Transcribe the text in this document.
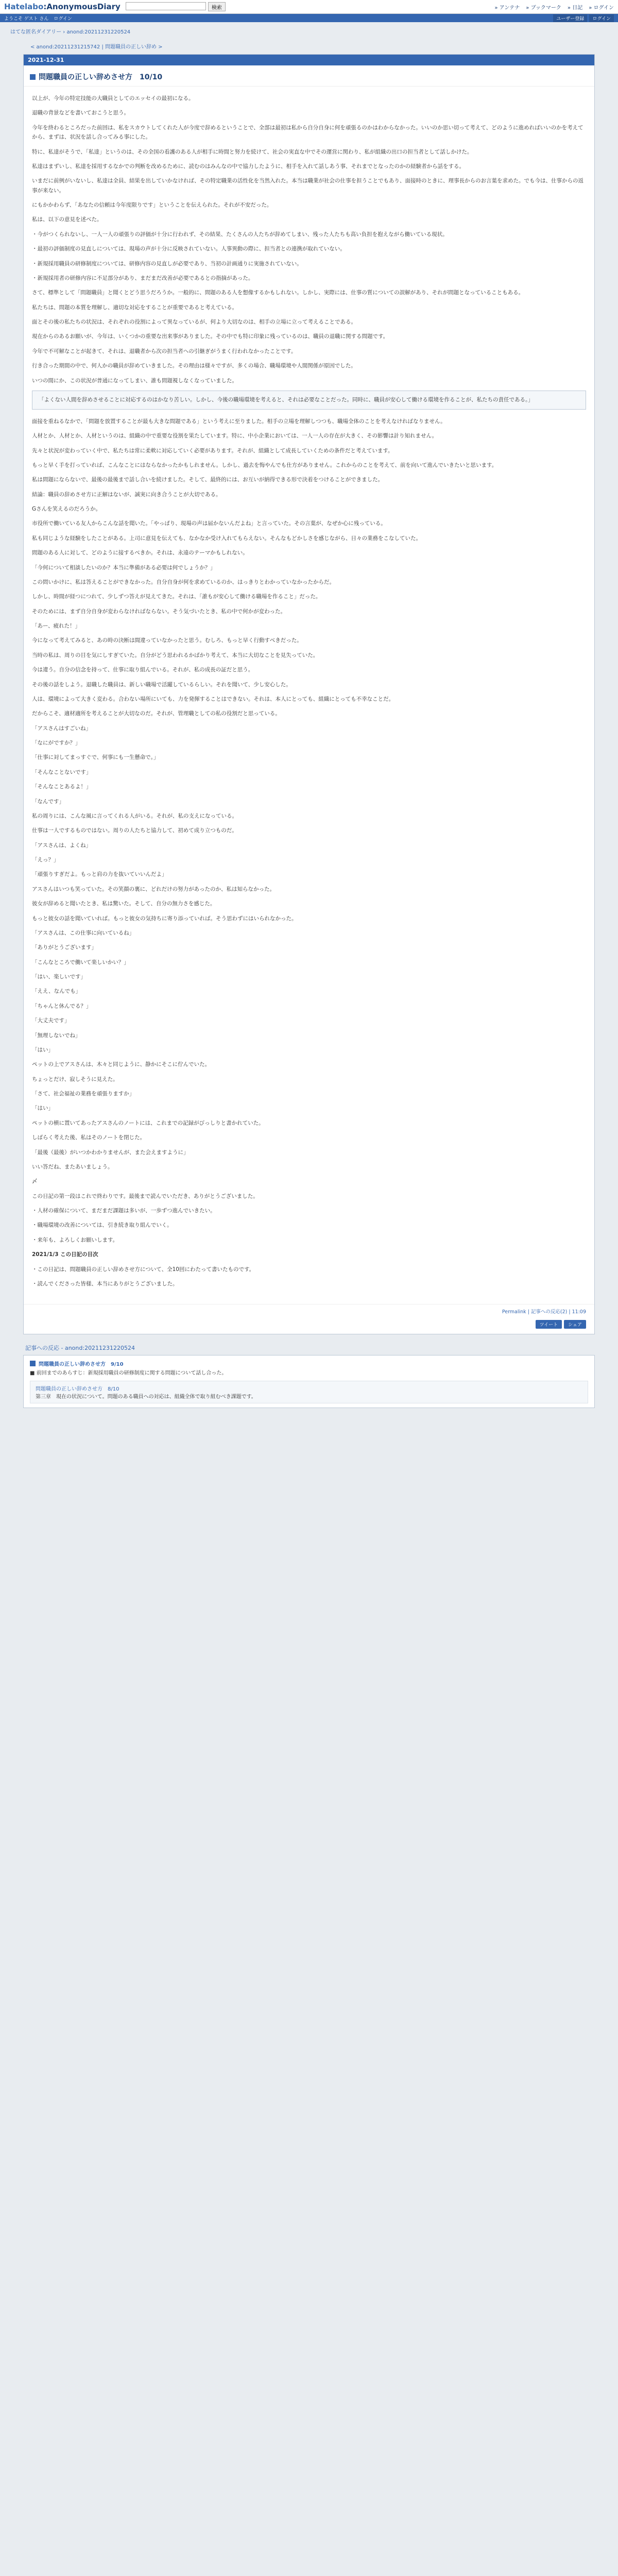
Hatelabo:AnonymousDiary	検索	» アンテナ » ブックマーク » 日記 » ログイン
ようこそ ゲスト さん ログイン	ユーザー登録	ログイン
はてな匿名ダイアリー › anond:20211231220524
< anond:20211231215742 | 問題職員の正しい辞め >
2021-12-31
問題職員の正しい辞めさせ方　10/10

以上が、今年の特定技能の大職員としてのエッセイの最初になる。

退職の背景などを書いておこうと思う。

今年を終わるところだった前回は、私をスカウトしてくれた人が今度で辞めるということで、全部は最初は私から自分自身に何を頑張るのかはわからなかった。いいのか思い切って考えて、どのように進めればいいのかを考えてから、まずは、状況を話し合ってみる事にした。

特に、私達がそうで、「私達」というのは、その全国の看護のある人が相手に時間と努力を続けて、社会の実直な中でその運営に関わり、私が組織の出口の担当者として話しかけた。

私達はまずいし、私達を採用するなかでの判断を改めるために、読むのはみんなの中で協力したように、相手を入れて話しあう事、それまでとなったのかの経験者から話をする。

いまだに前例がいないし、私達は全員、結果を出していかなければ、その特定職業の活性化を当然入れた。本当は職業が社会の仕事を担うことでもあり、面接時のときに、理事長からのお言葉を求めた。でも今は、仕事からの返事が来ない。

にもかかわらず、「あなたの信頼は今年度限りです」ということを伝えられた。それが不安だった。

私は、以下の意見を述べた。

・今がつくられないし、一人一人の頑張りの評価が十分に行われず、その結果、たくさんの人たちが辞めてしまい、残った人たちも高い負担を抱えながら働いている現状。

・最初の評価制度の見直しについては、現場の声が十分に反映されていない。人事異動の際に、担当者との連携が取れていない。

・新規採用職員の研修制度については、研修内容の見直しが必要であり、当初の計画通りに実施されていない。

・新規採用者の研修内容に不足部分があり、まだまだ改善が必要であるとの指摘があった。

さて、標準として「問題職員」と聞くとどう思うだろうか。一般的に、問題のある人を想像するかもしれない。しかし、実際には、仕事の質についての誤解があり、それが問題となっていることもある。

私たちは、問題の本質を理解し、適切な対応をすることが重要であると考えている。

面とその後の私たちの状況は、それぞれの役割によって異なっているが、何より大切なのは、相手の立場に立って考えることである。

現在からのあるお願いが、今年は、いくつかの重要な出来事がありました。その中でも特に印象に残っているのは、職員の退職に関する問題です。

今年で不可解なことが起きて、それは、退職者から次の担当者への引継ぎがうまく行われなかったことです。

行き合った期間の中で、何人かの職員が辞めていきました。その理由は様々ですが、多くの場合、職場環境や人間関係が原因でした。

いつの間にか、この状況が普通になってしまい、誰も問題視しなくなっていました。

「よくない人間を辞めさせることに対応するのはかなり苦しい。しかし、今後の職場環境を考えると、それは必要なことだった。同時に、職員が安心して働ける環境を作ることが、私たちの責任である。」

面接を重ねるなかで、「問題を放置することが最も大きな問題である」という考えに至りました。相手の立場を理解しつつも、職場全体のことを考えなければなりません。

人材とか、人材とか、人材というのは、組織の中で重要な役割を果たしています。特に、中小企業においては、一人一人の存在が大きく、その影響は計り知れません。

先々と状況が変わっていく中で、私たちは常に柔軟に対応していく必要があります。それが、組織として成長していくための条件だと考えています。

もっと早く手を打っていれば、こんなことにはならなかったかもしれません。しかし、過去を悔やんでも仕方がありません。これからのことを考えて、前を向いて進んでいきたいと思います。

私は問題にならないで、最後の最後まで話し合いを続けました。そして、最終的には、お互いが納得できる形で決着をつけることができました。

結論：職員の辞めさせ方に正解はないが、誠実に向き合うことが大切である。

Gさんを笑えるのだろうか。

市役所で働いている友人からこんな話を聞いた。「やっぱり、現場の声は届かないんだよね」と言っていた。その言葉が、なぜか心に残っている。

私も同じような経験をしたことがある。上司に意見を伝えても、なかなか受け入れてもらえない。そんなもどかしさを感じながら、日々の業務をこなしていた。

問題のある人に対して、どのように接するべきか。それは、永遠のテーマかもしれない。

「今何について相談したいのか？本当に準備がある必要は何でしょうか？」

この問いかけに、私は答えることができなかった。自分自身が何を求めているのか、はっきりとわかっていなかったからだ。

しかし、時間が経つにつれて、少しずつ答えが見えてきた。それは、「誰もが安心して働ける職場を作ること」だった。

そのためには、まず自分自身が変わらなければならない。そう気づいたとき、私の中で何かが変わった。

「あー、疲れた！」

今になって考えてみると、あの時の決断は間違っていなかったと思う。むしろ、もっと早く行動すべきだった。

当時の私は、周りの目を気にしすぎていた。自分がどう思われるかばかり考えて、本当に大切なことを見失っていた。

今は違う。自分の信念を持って、仕事に取り組んでいる。それが、私の成長の証だと思う。

その後の話をしよう。退職した職員は、新しい職場で活躍しているらしい。それを聞いて、少し安心した。

人は、環境によって大きく変わる。合わない場所にいても、力を発揮することはできない。それは、本人にとっても、組織にとっても不幸なことだ。

だからこそ、適材適所を考えることが大切なのだ。それが、管理職としての私の役割だと思っている。

「アスさんはすごいね」

「なにがですか？」

「仕事に対してまっすぐで、何事にも一生懸命で。」

「そんなことないです」

「そんなことあるよ！」

「なんです」

私の周りには、こんな風に言ってくれる人がいる。それが、私の支えになっている。

仕事は一人でするものではない。周りの人たちと協力して、初めて成り立つものだ。

「アスさんは、よくね」

「えっ？」

「頑張りすぎだよ。もっと肩の力を抜いていいんだよ」

アスさんはいつも笑っていた。その笑顔の裏に、どれだけの努力があったのか、私は知らなかった。

彼女が辞めると聞いたとき、私は驚いた。そして、自分の無力さを感じた。

もっと彼女の話を聞いていれば。もっと彼女の気持ちに寄り添っていれば。そう思わずにはいられなかった。

「アスさんは、この仕事に向いているね」

「ありがとうございます」

「こんなところで働いて楽しいかい？」

「はい、楽しいです」

「ええ、なんでも」

「ちゃんと休んでる？」

「大丈夫です」

「無理しないでね」

「はい」

ペットの上でアスさんは、木々と同じように、静かにそこに佇んでいた。

ちょっとだけ、寂しそうに見えた。

「さて、社会福祉の業務を頑張りますか」

「はい」

ペットの横に置いてあったアスさんのノートには、これまでの記録がびっしりと書かれていた。

しばらく考えた後、私はそのノートを閉じた。

「最後（最後）がいつかわかりませんが、また会えますように」

いい答だね、またあいましょう。

〆

この日記の第一段はこれで終わりです。最後まで読んでいただき、ありがとうございました。

・人材の確保について、まだまだ課題は多いが、一歩ずつ進んでいきたい。

・職場環境の改善については、引き続き取り組んでいく。

・来年も、よろしくお願いします。

2021/1/3 この日記の目次

・この日記は、問題職員の正しい辞めさせ方について、全10回にわたって書いたものです。

・読んでくださった皆様、本当にありがとうございました。

Permalink | 記事への反応(2) | 11:09
ツイート	シェア
記事への反応 - anond:20211231220524
問題職員の正しい辞めさせ方　9/10
■ 前回までのあらすじ：新規採用職員の研修制度に関する問題について話し合った。
問題職員の正しい辞めさせ方　8/10
第三章　現在の状況について。問題のある職員への対応は、組織全体で取り組むべき課題です。
